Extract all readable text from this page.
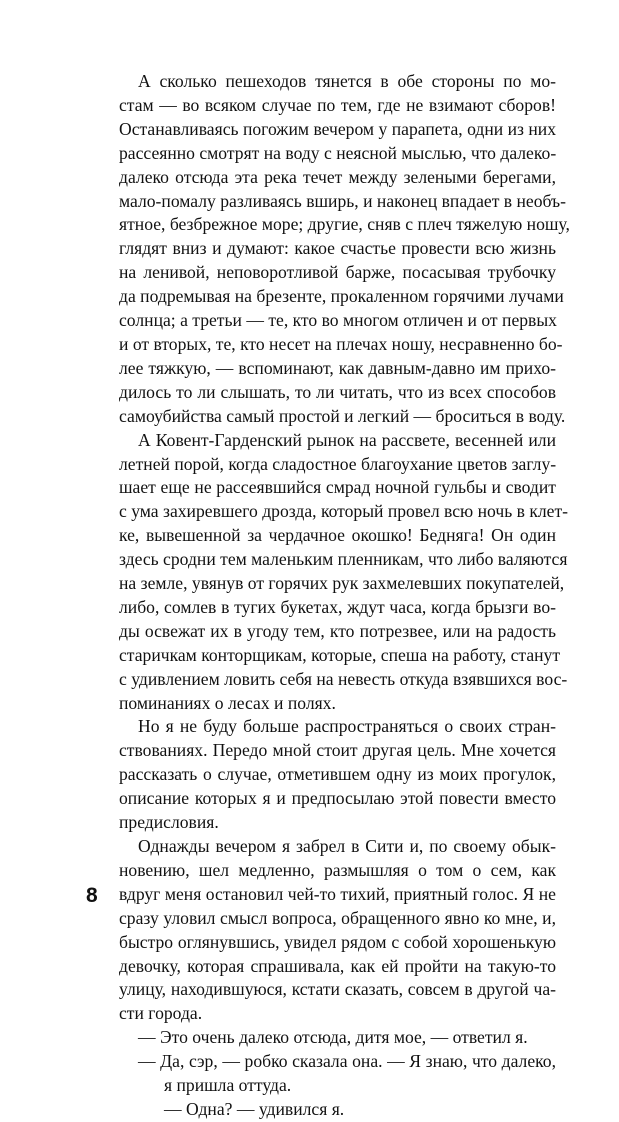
А сколько пешеходов тянется в обе стороны по мо-
стам — во всяком случае по тем, где не взимают сборов!
Останавливаясь погожим вечером у парапета, одни из них
рассеянно смотрят на воду с неясной мыслью, что далеко-
далеко отсюда эта река течет между зелеными берегами,
мало-помалу разливаясь вширь, и наконец впадает в необъ-
ятное, безбрежное море; другие, сняв с плеч тяжелую ношу,
глядят вниз и думают: какое счастье провести всю жизнь
на ленивой, неповоротливой барже, посасывая трубочку
да подремывая на брезенте, прокаленном горячими лучами
солнца; а третьи — те, кто во многом отличен и от первых
и от вторых, те, кто несет на плечах ношу, несравненно бо-
лее тяжкую, — вспоминают, как давным-давно им прихо-
дилось то ли слышать, то ли читать, что из всех способов
самоубийства самый простой и легкий — броситься в воду.
А Ковент-Гарденский рынок на рассвете, весенней или
летней порой, когда сладостное благоухание цветов заглу-
шает еще не рассеявшийся смрад ночной гульбы и сводит
с ума захиревшего дрозда, который провел всю ночь в клет-
ке, вывешенной за чердачное окошко! Бедняга! Он один
здесь сродни тем маленьким пленникам, что либо валяются
на земле, увянув от горячих рук захмелевших покупателей,
либо, сомлев в тугих букетах, ждут часа, когда брызги во-
ды освежат их в угоду тем, кто потрезвее, или на радость
старичкам конторщикам, которые, спеша на работу, станут
с удивлением ловить себя на невесть откуда взявшихся вос-
поминаниях о лесах и полях.
Но я не буду больше распространяться о своих стран-
ствованиях. Передо мной стоит другая цель. Мне хочется
рассказать о случае, отметившем одну из моих прогулок,
описание которых я и предпосылаю этой повести вместо
предисловия.
Однажды вечером я забрел в Сити и, по своему обык-
новению, шел медленно, размышляя о том о сем, как
вдруг меня остановил чей-то тихий, приятный голос. Я не
сразу уловил смысл вопроса, обращенного явно ко мне, и,
быстро оглянувшись, увидел рядом с собой хорошенькую
девочку, которая спрашивала, как ей пройти на такую-то
улицу, находившуюся, кстати сказать, совсем в другой ча-
сти города.
— Это очень далеко отсюда, дитя мое, — ответил я.
— Да, сэр, — робко сказала она. — Я знаю, что далеко,
я пришла оттуда.
— Одна? — удивился я.
8
